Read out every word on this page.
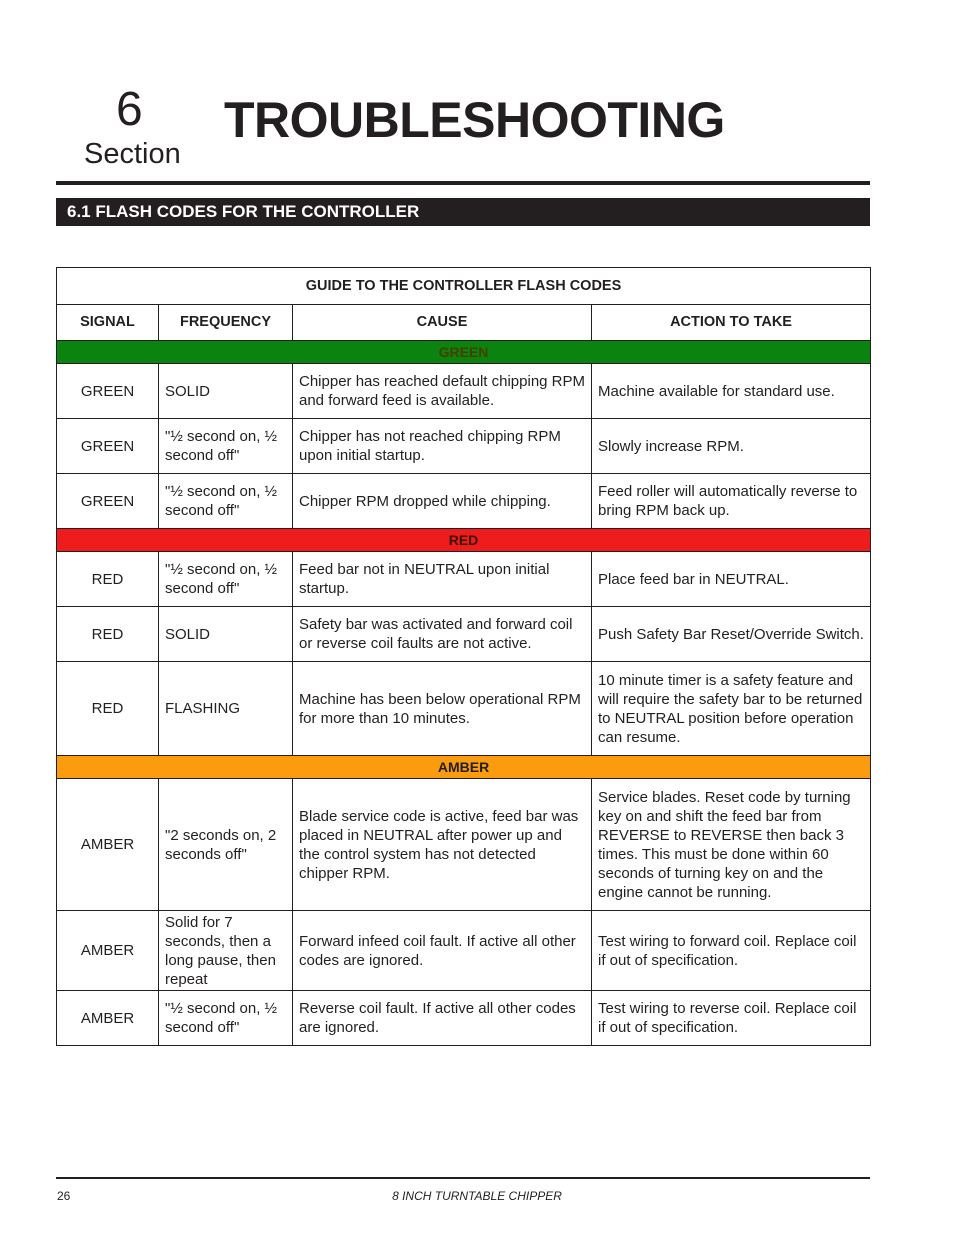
6
Section
TROUBLESHOOTING
6.1 FLASH CODES FOR THE CONTROLLER
GUIDE TO THE CONTROLLER FLASH CODES			
SIGNAL	FREQUENCY	CAUSE	ACTION TO TAKE
GREEN			
GREEN	SOLID	Chipper has reached default chipping RPM and forward feed is available.	Machine available for standard use.
GREEN	"½ second on, ½ second off"	Chipper has not reached chipping RPM upon initial startup.	Slowly increase RPM.
GREEN	"½ second on, ½ second off"	Chipper RPM dropped while chipping.	Feed roller will automatically reverse to bring RPM back up.
RED			
RED	"½ second on, ½ second off"	Feed bar not in NEUTRAL upon initial startup.	Place feed bar in NEUTRAL.
RED	SOLID	Safety bar was activated and forward coil or reverse coil faults are not active.	Push Safety Bar Reset/Override Switch.
RED	FLASHING	Machine has been below operational RPM for more than 10 minutes.	10 minute timer is a safety feature and will require the safety bar to be returned to NEUTRAL position before operation can resume.
AMBER			
AMBER	"2 seconds on, 2 seconds off"	Blade service code is active, feed bar was placed in NEUTRAL after power up and the control system has not detected chipper RPM.	Service blades. Reset code by turning key on and shift the feed bar from REVERSE to REVERSE then back 3 times. This must be done within 60 seconds of turning key on and the engine cannot be running.
AMBER	Solid for 7 seconds, then a long pause, then repeat	Forward infeed coil fault. If active all other codes are ignored.	Test wiring to forward coil. Replace coil if out of specification.
AMBER	"½ second on, ½ second off"	Reverse coil fault. If active all other codes are ignored.	Test wiring to reverse coil. Replace coil if out of specification.
26	8 INCH TURNTABLE CHIPPER
